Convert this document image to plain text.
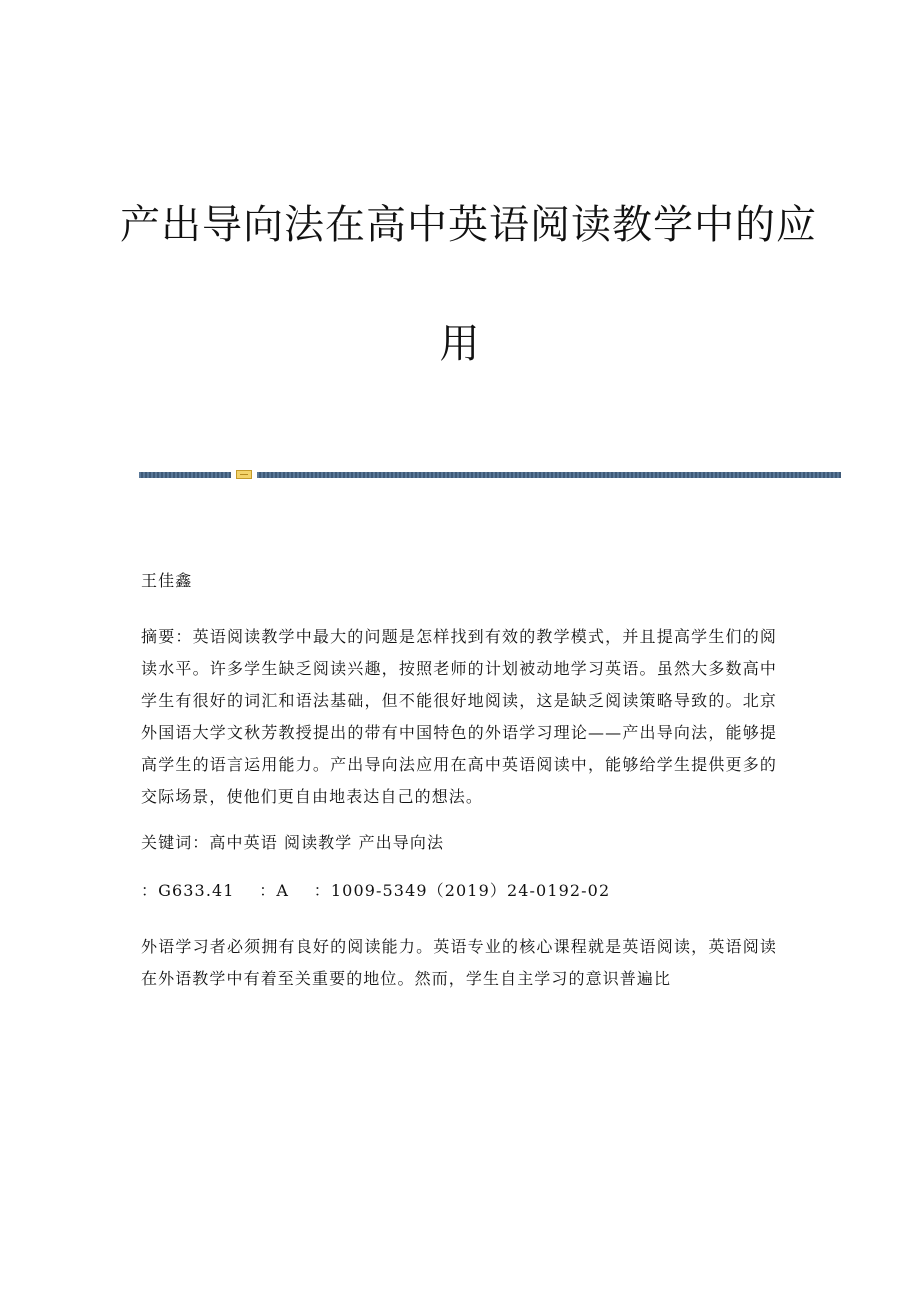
产出导向法在高中英语阅读教学中的应
用

王佳鑫

摘要：英语阅读教学中最大的问题是怎样找到有效的教学模式，并且提高学生们的阅读水平。许多学生缺乏阅读兴趣，按照老师的计划被动地学习英语。虽然大多数高中学生有很好的词汇和语法基础，但不能很好地阅读，这是缺乏阅读策略导致的。北京外国语大学文秋芳教授提出的带有中国特色的外语学习理论——产出导向法，能够提高学生的语言运用能力。产出导向法应用在高中英语阅读中，能够给学生提供更多的交际场景，使他们更自由地表达自己的想法。

关键词：高中英语 阅读教学 产出导向法

：G633.41    ：A    ：1009-5349（2019）24-0192-02

外语学习者必须拥有良好的阅读能力。英语专业的核心课程就是英语阅读，英语阅读在外语教学中有着至关重要的地位。然而，学生自主学习的意识普遍比
